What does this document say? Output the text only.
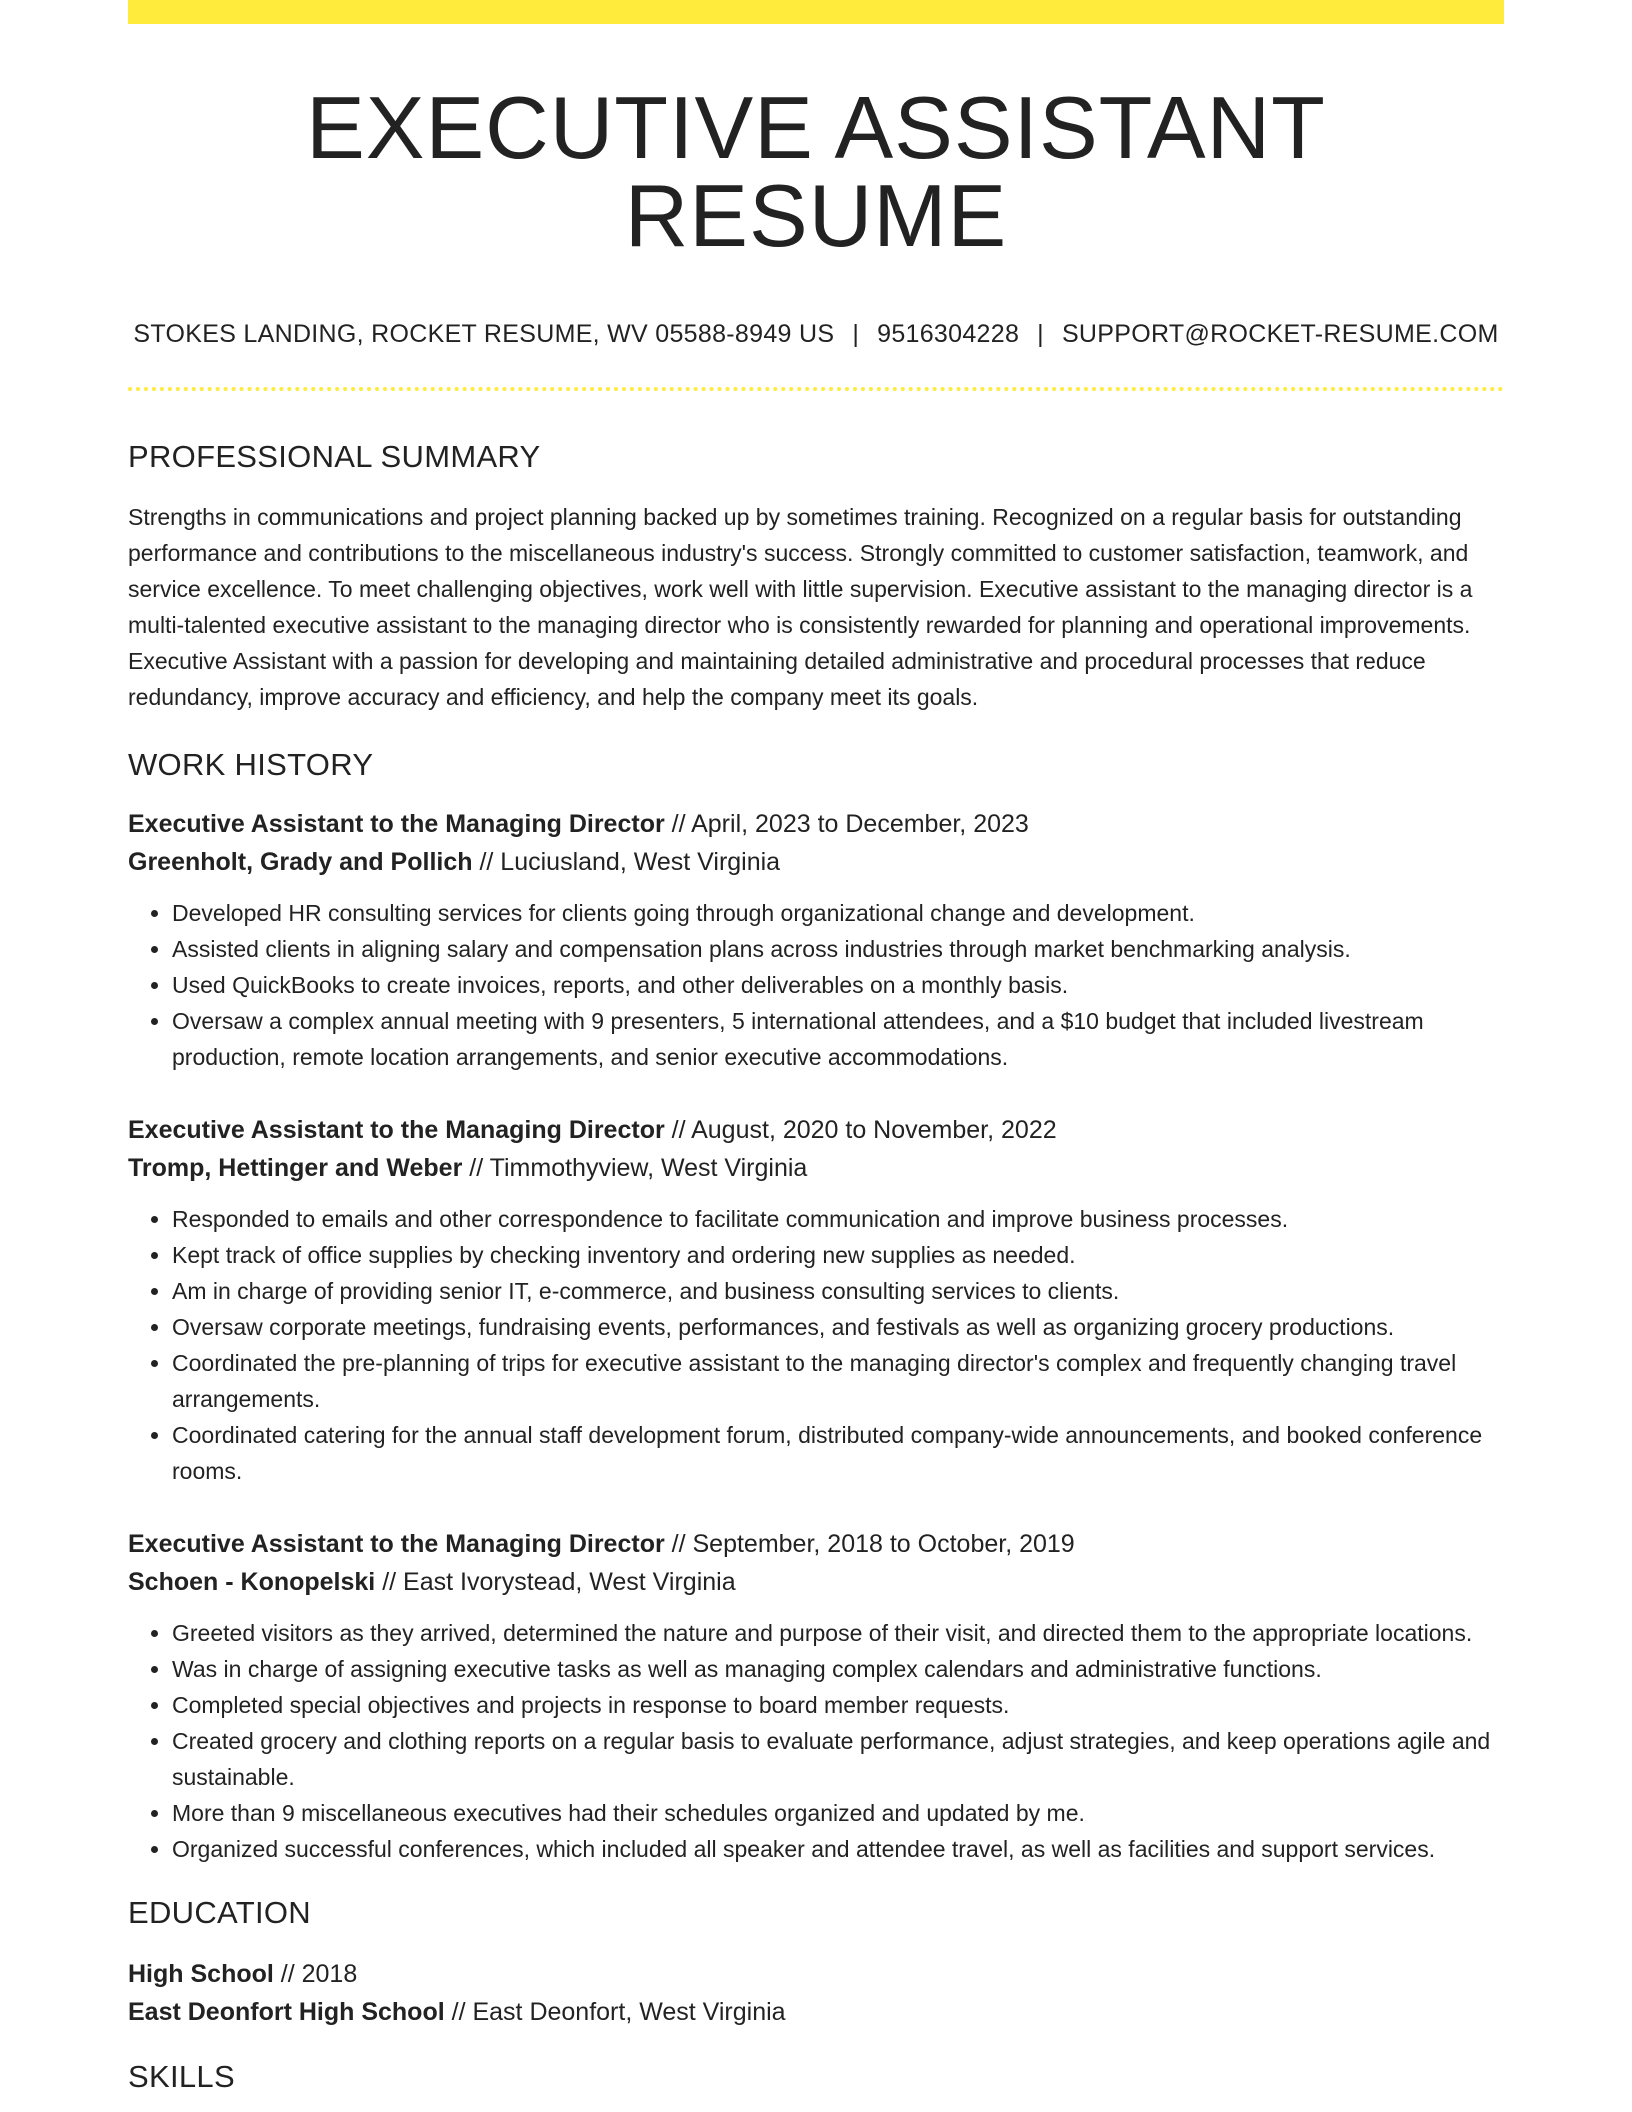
EXECUTIVE ASSISTANT RESUME
STOKES LANDING, ROCKET RESUME, WV 05588-8949 US | 9516304228 | SUPPORT@ROCKET-RESUME.COM
PROFESSIONAL SUMMARY

Strengths in communications and project planning backed up by sometimes training. Recognized on a regular basis for outstanding performance and contributions to the miscellaneous industry's success. Strongly committed to customer satisfaction, teamwork, and service excellence. To meet challenging objectives, work well with little supervision. Executive assistant to the managing director is a multi-talented executive assistant to the managing director who is consistently rewarded for planning and operational improvements. Executive Assistant with a passion for developing and maintaining detailed administrative and procedural processes that reduce redundancy, improve accuracy and efficiency, and help the company meet its goals.

WORK HISTORY
Executive Assistant to the Managing Director // April, 2023 to December, 2023
Greenholt, Grady and Pollich // Luciusland, West Virginia
• Developed HR consulting services for clients going through organizational change and development.
• Assisted clients in aligning salary and compensation plans across industries through market benchmarking analysis.
• Used QuickBooks to create invoices, reports, and other deliverables on a monthly basis.
• Oversaw a complex annual meeting with 9 presenters, 5 international attendees, and a $10 budget that included livestream production, remote location arrangements, and senior executive accommodations.
Executive Assistant to the Managing Director // August, 2020 to November, 2022
Tromp, Hettinger and Weber // Timmothyview, West Virginia
• Responded to emails and other correspondence to facilitate communication and improve business processes.
• Kept track of office supplies by checking inventory and ordering new supplies as needed.
• Am in charge of providing senior IT, e-commerce, and business consulting services to clients.
• Oversaw corporate meetings, fundraising events, performances, and festivals as well as organizing grocery productions.
• Coordinated the pre-planning of trips for executive assistant to the managing director's complex and frequently changing travel arrangements.
• Coordinated catering for the annual staff development forum, distributed company-wide announcements, and booked conference rooms.
Executive Assistant to the Managing Director // September, 2018 to October, 2019
Schoen - Konopelski // East Ivorystead, West Virginia
• Greeted visitors as they arrived, determined the nature and purpose of their visit, and directed them to the appropriate locations.
• Was in charge of assigning executive tasks as well as managing complex calendars and administrative functions.
• Completed special objectives and projects in response to board member requests.
• Created grocery and clothing reports on a regular basis to evaluate performance, adjust strategies, and keep operations agile and sustainable.
• More than 9 miscellaneous executives had their schedules organized and updated by me.
• Organized successful conferences, which included all speaker and attendee travel, as well as facilities and support services.
EDUCATION
High School // 2018
East Deonfort High School // East Deonfort, West Virginia
SKILLS
